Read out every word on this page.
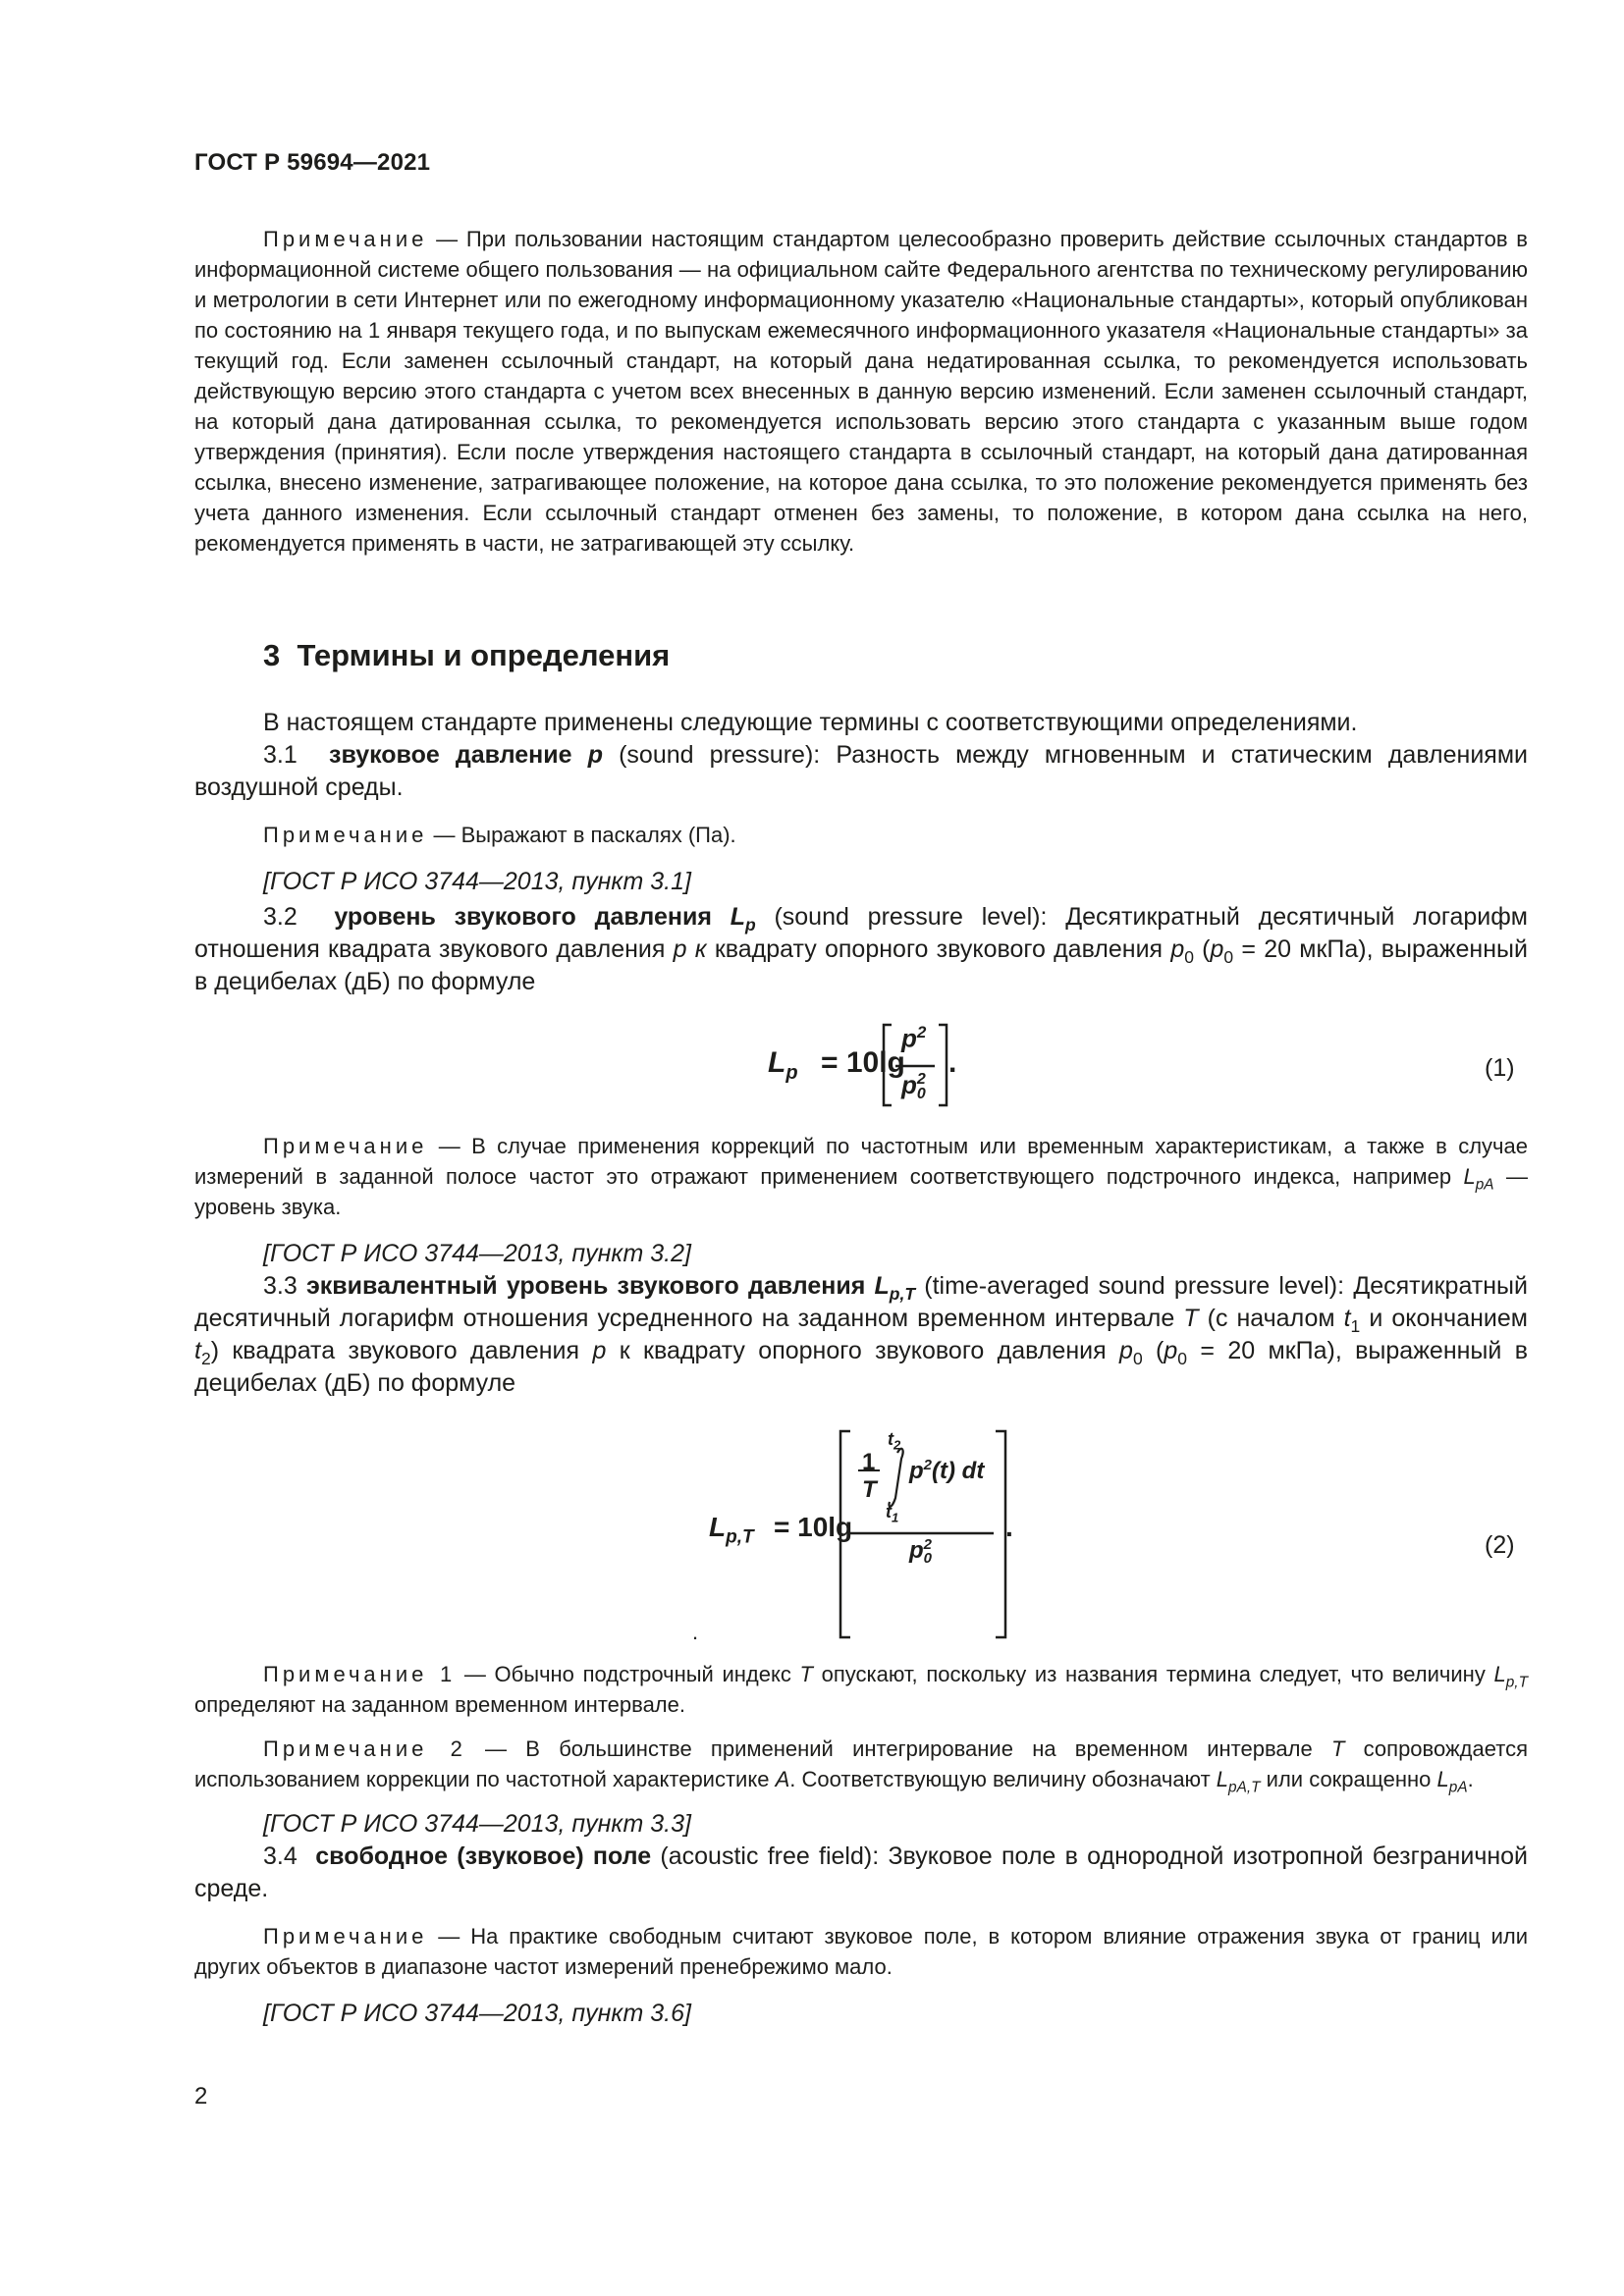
ГОСТ Р 59694—2021

Примечание — При пользовании настоящим стандартом целесообразно проверить действие ссылочных стандартов в информационной системе общего пользования — на официальном сайте Федерального агентства по техническому регулированию и метрологии в сети Интернет или по ежегодному информационному указателю «Национальные стандарты», который опубликован по состоянию на 1 января текущего года, и по выпускам ежемесячного информационного указателя «Национальные стандарты» за текущий год. Если заменен ссылочный стандарт, на который дана недатированная ссылка, то рекомендуется использовать действующую версию этого стандарта с учетом всех внесенных в данную версию изменений. Если заменен ссылочный стандарт, на который дана датированная ссылка, то рекомендуется использовать версию этого стандарта с указанным выше годом утверждения (принятия). Если после утверждения настоящего стандарта в ссылочный стандарт, на который дана датированная ссылка, внесено изменение, затрагивающее положение, на которое дана ссылка, то это положение рекомендуется применять без учета данного изменения. Если ссылочный стандарт отменен без замены, то положение, в котором дана ссылка на него, рекомендуется применять в части, не затрагивающей эту ссылку.

3 Термины и определения

В настоящем стандарте применены следующие термины с соответствующими определениями.

3.1 звуковое давление p (sound pressure): Разность между мгновенным и статическим давлениями воздушной среды.

Примечание — Выражают в паскалях (Па).

[ГОСТ Р ИСО 3744—2013, пункт 3.1]

3.2 уровень звукового давления $L_p$ (sound pressure level): Десятикратный десятичный логарифм отношения квадрата звукового давления p к квадрату опорного звукового давления $p_0$ ($p_0 = 20$ мкПа), выраженный в децибелах (дБ) по формуле

$L_p = 10\lg$
$p^2$
p 2
0
.	(1)

Примечание — В случае применения коррекций по частотным или временным характеристикам, а также в случае измерений в заданной полосе частот это отражают применением соответствующего подстрочного индекса, например $L_{pA}$ — уровень звука.

[ГОСТ Р ИСО 3744—2013, пункт 3.2]

3.3 эквивалентный уровень звукового давления $L_{p,T}$ (time-averaged sound pressure level): Десятикратный десятичный логарифм отношения усредненного на заданном временном интервале T (с началом $t_1$ и окончанием $t_2$) квадрата звукового давления p к квадрату опорного звукового давления $p_0$ ($p_0 = 20$ мкПа), выраженный в децибелах (дБ) по формуле

$L_{p,T} = 10\lg$
1
T
$t_2$
$t_1$
$p^2(t)$ dt
p 2
0
.
.
(2)

Примечание 1 — Обычно подстрочный индекс T опускают, поскольку из названия термина следует, что величину $L_{p,T}$ определяют на заданном временном интервале.

Примечание 2 — В большинстве применений интегрирование на временном интервале T сопровождается использованием коррекции по частотной характеристике A. Соответствующую величину обозначают $L_{pA,T}$ или сокращенно $L_{pA}$.

[ГОСТ Р ИСО 3744—2013, пункт 3.3]

3.4 свободное (звуковое) поле (acoustic free field): Звуковое поле в однородной изотропной безграничной среде.

Примечание — На практике свободным считают звуковое поле, в котором влияние отражения звука от границ или других объектов в диапазоне частот измерений пренебрежимо мало.

[ГОСТ Р ИСО 3744—2013, пункт 3.6]

2
